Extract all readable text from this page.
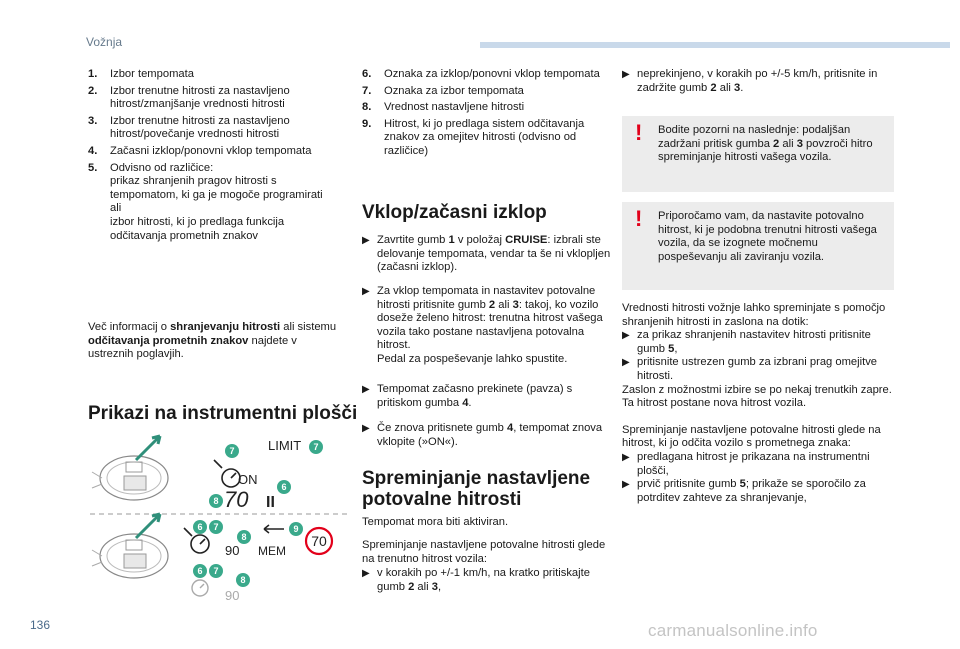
Vožnja
1.	Izbor tempomata
2.	Izbor trenutne hitrosti za nastavljeno hitrost/zmanjšanje vrednosti hitrosti
3.	Izbor trenutne hitrosti za nastavljeno hitrost/povečanje vrednosti hitrosti
4.	Začasni izklop/ponovni vklop tempomata
5.	Odvisno od različice:
prikaz shranjenih pragov hitrosti s tempomatom, ki ga je mogoče programirati
ali
izbor hitrosti, ki jo predlaga funkcija odčitavanja prometnih znakov

Več informacij o shranjevanju hitrosti ali sistemu odčitavanja prometnih znakov najdete v ustreznih poglavjih.

Prikazi na instrumentni plošči
LIMIT
ON
70 II
90 MEM
70
90
7	7
6
8
6 7
8
9
6 7
8
6.	Oznaka za izklop/ponovni vklop tempomata
7.	Oznaka za izbor tempomata
8.	Vrednost nastavljene hitrosti
9.	Hitrost, ki jo predlaga sistem odčitavanja znakov za omejitev hitrosti (odvisno od različice)
Vklop/začasni izklop
▶ Zavrtite gumb 1 v položaj CRUISE: izbrali ste delovanje tempomata, vendar ta še ni vklopljen (začasni izklop).
▶ Za vklop tempomata in nastavitev potovalne hitrosti pritisnite gumb 2 ali 3: takoj, ko vozilo doseže želeno hitrost: trenutna hitrost vašega vozila tako postane nastavljena potovalna hitrost.
Pedal za pospeševanje lahko spustite.
▶ Tempomat začasno prekinete (pavza) s pritiskom gumba 4.
▶ Če znova pritisnete gumb 4, tempomat znova vklopite (»ON«).
Spreminjanje nastavljene potovalne hitrosti

Tempomat mora biti aktiviran.

Spreminjanje nastavljene potovalne hitrosti glede na trenutno hitrost vozila:

▶ v korakih po +/-1 km/h, na kratko pritiskajte gumb 2 ali 3,
▶ neprekinjeno, v korakih po +/-5 km/h, pritisnite in zadržite gumb 2 ali 3.
! Bodite pozorni na naslednje: podaljšan zadržani pritisk gumba 2 ali 3 povzroči hitro spreminjanje hitrosti vašega vozila.
! Priporočamo vam, da nastavite potovalno hitrost, ki je podobna trenutni hitrosti vašega vozila, da se izognete močnemu pospeševanju ali zaviranju vozila.

Vrednosti hitrosti vožnje lahko spreminjate s pomočjo shranjenih hitrosti in zaslona na dotik:

▶ za prikaz shranjenih nastavitev hitrosti pritisnite gumb 5,
▶ pritisnite ustrezen gumb za izbrani prag omejitve hitrosti.

Zaslon z možnostmi izbire se po nekaj trenutkih zapre.

Ta hitrost postane nova hitrost vozila.

Spreminjanje nastavljene potovalne hitrosti glede na hitrost, ki jo odčita vozilo s prometnega znaka:

▶ predlagana hitrost je prikazana na instrumentni plošči,
▶ prvič pritisnite gumb 5; prikaže se sporočilo za potrditev zahteve za shranjevanje,
136	carmanualsonline.info
